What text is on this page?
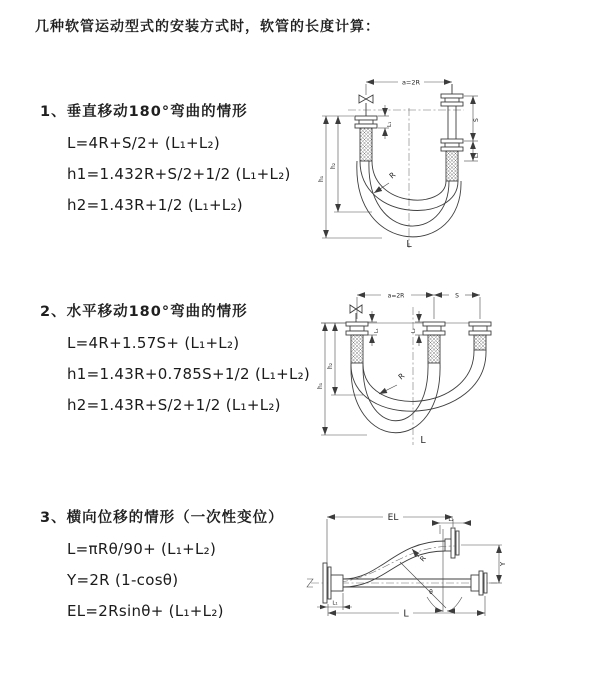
几种软管运动型式的安装方式时，软管的长度计算：
1、垂直移动180°弯曲的情形
L=4R+S/2+ (L₁+L₂)
h1=1.432R+S/2+1/2 (L₁+L₂)
h2=1.43R+1/2 (L₁+L₂)
a=2R
L₁
S
L₂
h₁
h₂
R
L
2、水平移动180°弯曲的情形
L=4R+1.57S+ (L₁+L₂)
h1=1.43R+0.785S+1/2 (L₁+L₂)
h2=1.43R+S/2+1/2 (L₁+L₂)
a=2R	S
L₁	L₂
h₁
h₂
R
L
3、横向位移的情形（一次性变位）
L=πRθ/90+ (L₁+L₂)
Y=2R (1-cosθ)
EL=2Rsinθ+ (L₁+L₂)
EL	L₂
Y
θ
R
L₁
L
